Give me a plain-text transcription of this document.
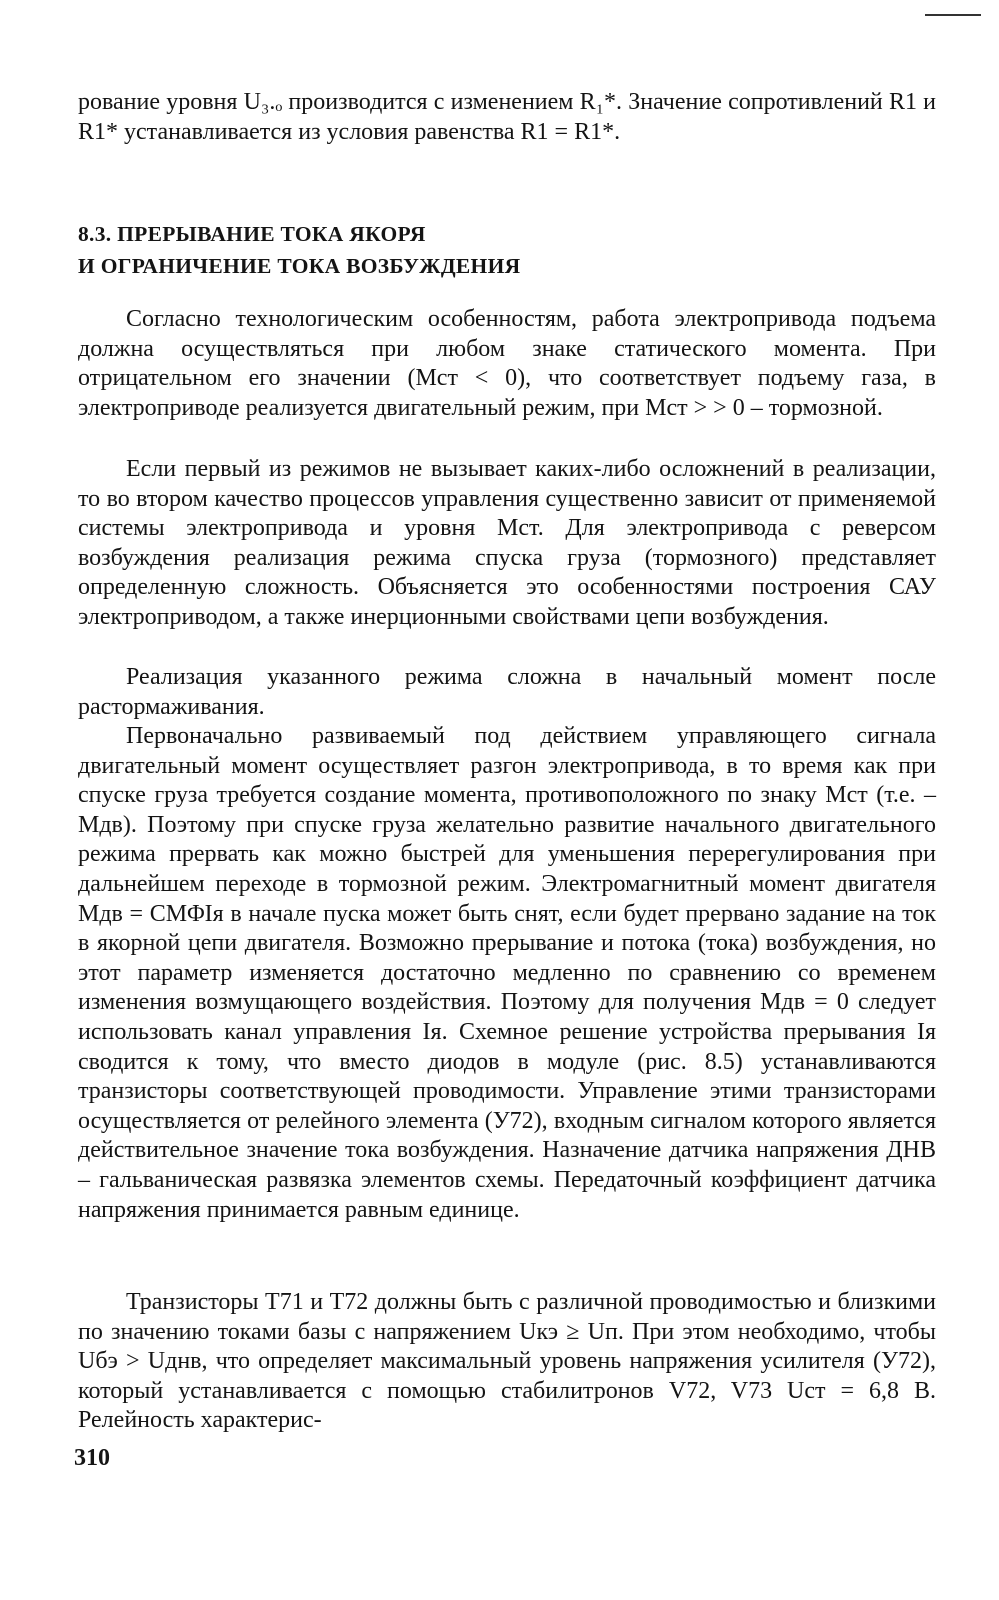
рование уровня U₃.ₒ производится с изменением R₁*. Значение сопротивлений R1 и R1* устанавливается из условия равенства R1 = R1*.

8.3. ПРЕРЫВАНИЕ ТОКА ЯКОРЯ
И ОГРАНИЧЕНИЕ ТОКА ВОЗБУЖДЕНИЯ

Согласно технологическим особенностям, работа электропривода подъема должна осуществляться при любом знаке статического момента. При отрицательном его значении (Mст < 0), что соответствует подъему газа, в электроприводе реализуется двигательный режим, при Mст > > 0 – тормозной.

Если первый из режимов не вызывает каких-либо осложнений в реализации, то во втором качество процессов управления существенно зависит от применяемой системы электропривода и уровня Mст. Для электропривода с реверсом возбуждения реализация режима спуска груза (тормозного) представляет определенную сложность. Объясняется это особенностями построения САУ электроприводом, а также инерционными свойствами цепи возбуждения.

Реализация указанного режима сложна в начальный момент после растормаживания.

Первоначально развиваемый под действием управляющего сигнала двигательный момент осуществляет разгон электропривода, в то время как при спуске груза требуется создание момента, противоположного по знаку Mст (т.е. – Mдв). Поэтому при спуске груза желательно развитие начального двигательного режима прервать как можно быстрей для уменьшения перерегулирования при дальнейшем переходе в тормозной режим. Электромагнитный момент двигателя Mдв = CMΦIя в начале пуска может быть снят, если будет прервано задание на ток в якорной цепи двигателя. Возможно прерывание и потока (тока) возбуждения, но этот параметр изменяется достаточно медленно по сравнению со временем изменения возмущающего воздействия. Поэтому для получения Mдв = 0 следует использовать канал управления Iя. Схемное решение устройства прерывания Iя сводится к тому, что вместо диодов в модуле (рис. 8.5) устанавливаются транзисторы соответствующей проводимости. Управление этими транзисторами осуществляется от релейного элемента (У72), входным сигналом которого является действительное значение тока возбуждения. Назначение датчика напряжения ДНВ – гальваническая развязка элементов схемы. Передаточный коэффициент датчика напряжения принимается равным единице.

Транзисторы T71 и T72 должны быть с различной проводимостью и близкими по значению токами базы с напряжением Uкэ ≥ Uп. При этом необходимо, чтобы Uбэ > Uднв, что определяет максимальный уровень напряжения усилителя (У72), который устанавливается с помощью стабилитронов V72, V73 Uст = 6,8 В. Релейность характерис-

310
